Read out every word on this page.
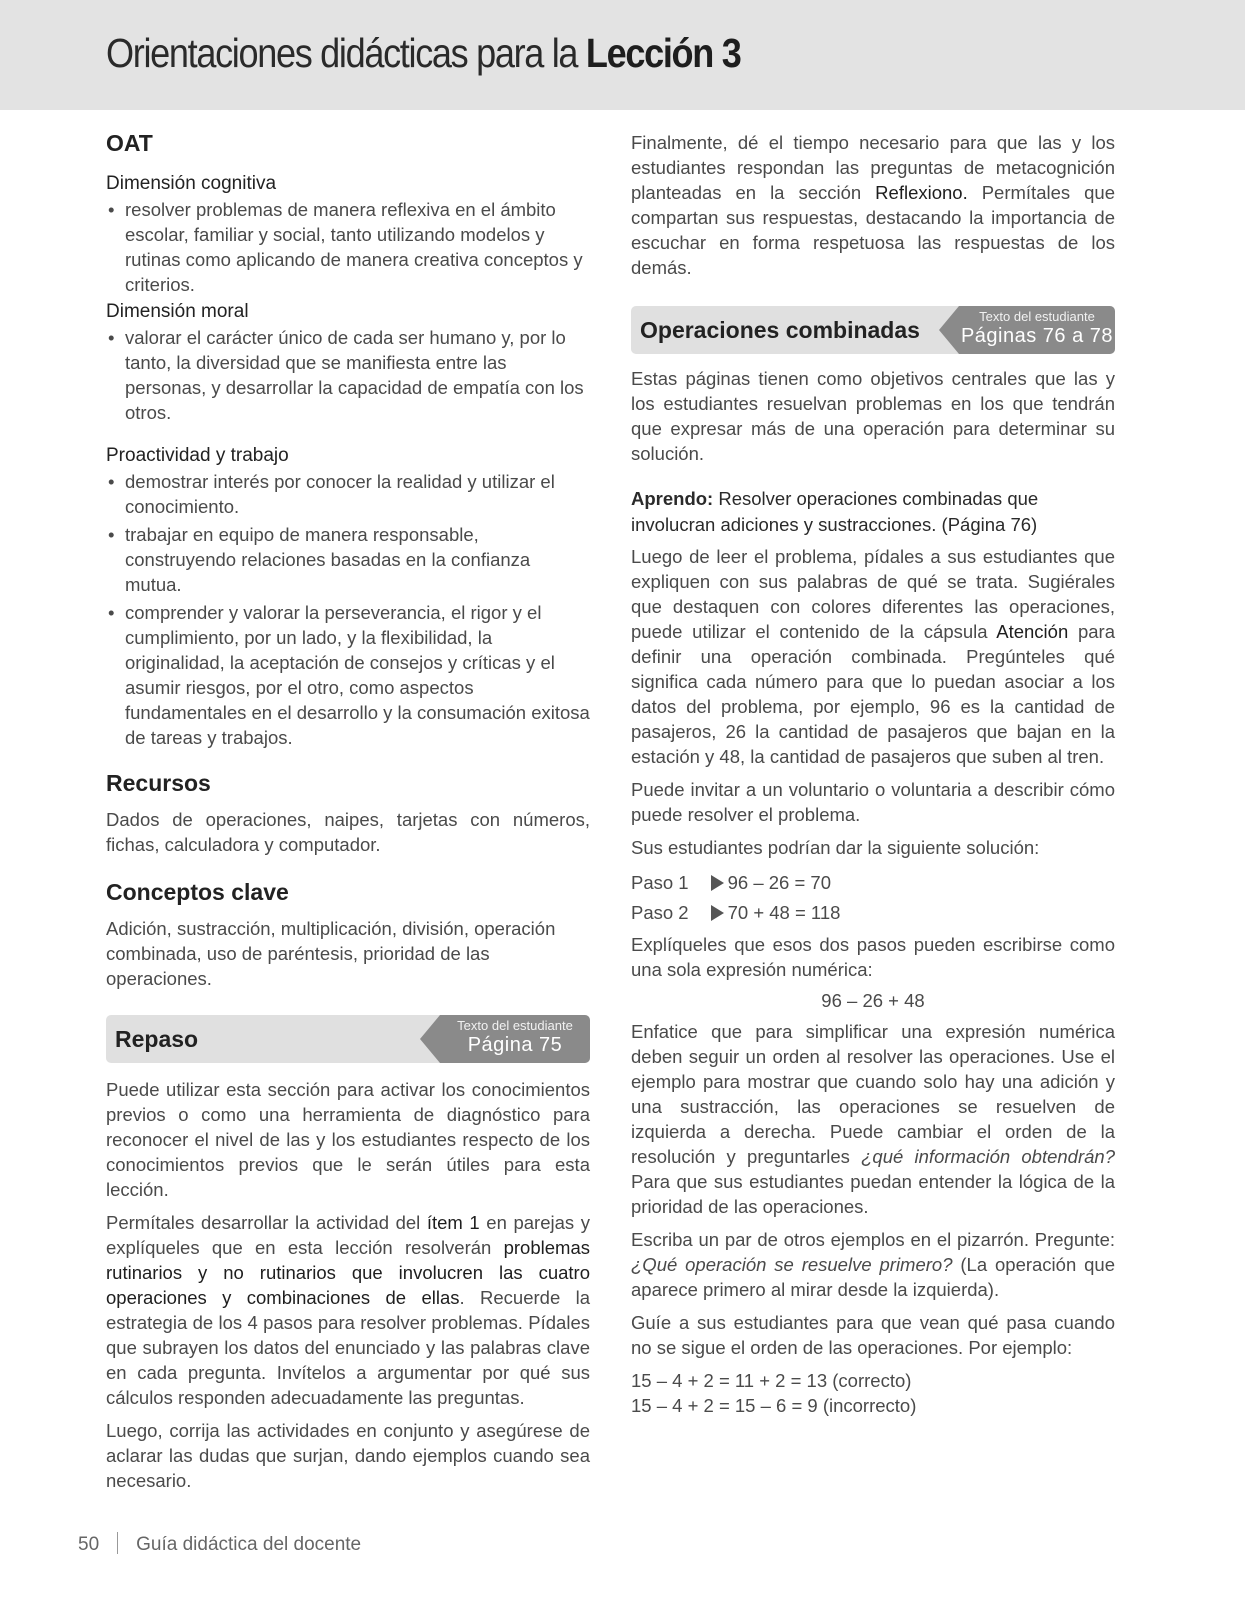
Orientaciones didácticas para la Lección 3
OAT
Dimensión cognitiva
• resolver problemas de manera reflexiva en el ámbito escolar, familiar y social, tanto utilizando modelos y rutinas como aplicando de manera creativa conceptos y criterios.
Dimensión moral
• valorar el carácter único de cada ser humano y, por lo tanto, la diversidad que se manifiesta entre las personas, y desarrollar la capacidad de empatía con los otros.
Proactividad y trabajo
• demostrar interés por conocer la realidad y utilizar el conocimiento.
• trabajar en equipo de manera responsable, construyendo relaciones basadas en la confianza mutua.
• comprender y valorar la perseverancia, el rigor y el cumplimiento, por un lado, y la flexibilidad, la originalidad, la aceptación de consejos y críticas y el asumir riesgos, por el otro, como aspectos fundamentales en el desarrollo y la consumación exitosa de tareas y trabajos.
Recursos

Dados de operaciones, naipes, tarjetas con números, fichas, calculadora y computador.

Conceptos clave

Adición, sustracción, multiplicación, división, operación combinada, uso de paréntesis, prioridad de las operaciones.

Repaso
Texto del estudiante
Página 75

Puede utilizar esta sección para activar los conocimientos previos o como una herramienta de diagnóstico para reconocer el nivel de las y los estudiantes respecto de los conocimientos previos que le serán útiles para esta lección.

Permítales desarrollar la actividad del ítem 1 en parejas y explíqueles que en esta lección resolverán problemas rutinarios y no rutinarios que involucren las cuatro operaciones y combinaciones de ellas. Recuerde la estrategia de los 4 pasos para resolver problemas. Pídales que subrayen los datos del enunciado y las palabras clave en cada pregunta. Invítelos a argumentar por qué sus cálculos responden adecuadamente las preguntas.

Luego, corrija las actividades en conjunto y asegúrese de aclarar las dudas que surjan, dando ejemplos cuando sea necesario.

Finalmente, dé el tiempo necesario para que las y los estudiantes respondan las preguntas de metacognición planteadas en la sección Reflexiono. Permítales que compartan sus respuestas, destacando la importancia de escuchar en forma respetuosa las respuestas de los demás.

Operaciones combinadas
Texto del estudiante
Páginas 76 a 78

Estas páginas tienen como objetivos centrales que las y los estudiantes resuelvan problemas en los que tendrán que expresar más de una operación para determinar su solución.

Aprendo: Resolver operaciones combinadas que involucran adiciones y sustracciones. (Página 76)

Luego de leer el problema, pídales a sus estudiantes que expliquen con sus palabras de qué se trata. Sugiérales que destaquen con colores diferentes las operaciones, puede utilizar el contenido de la cápsula Atención para definir una operación combinada. Pregúnteles qué significa cada número para que lo puedan asociar a los datos del problema, por ejemplo, 96 es la cantidad de pasajeros, 26 la cantidad de pasajeros que bajan en la estación y 48, la cantidad de pasajeros que suben al tren.

Puede invitar a un voluntario o voluntaria a describir cómo puede resolver el problema.

Sus estudiantes podrían dar la siguiente solución:

Paso 1 96 – 26 = 70
Paso 2 70 + 48 = 118

Explíqueles que esos dos pasos pueden escribirse como una sola expresión numérica:

96 – 26 + 48

Enfatice que para simplificar una expresión numérica deben seguir un orden al resolver las operaciones. Use el ejemplo para mostrar que cuando solo hay una adición y una sustracción, las operaciones se resuelven de izquierda a derecha. Puede cambiar el orden de la resolución y preguntarles ¿qué información obtendrán? Para que sus estudiantes puedan entender la lógica de la prioridad de las operaciones.

Escriba un par de otros ejemplos en el pizarrón. Pregunte: ¿Qué operación se resuelve primero? (La operación que aparece primero al mirar desde la izquierda).

Guíe a sus estudiantes para que vean qué pasa cuando no se sigue el orden de las operaciones. Por ejemplo:

15 – 4 + 2 = 11 + 2 = 13 (correcto)

15 – 4 + 2 = 15 – 6 = 9 (incorrecto)

50 Guía didáctica del docente
